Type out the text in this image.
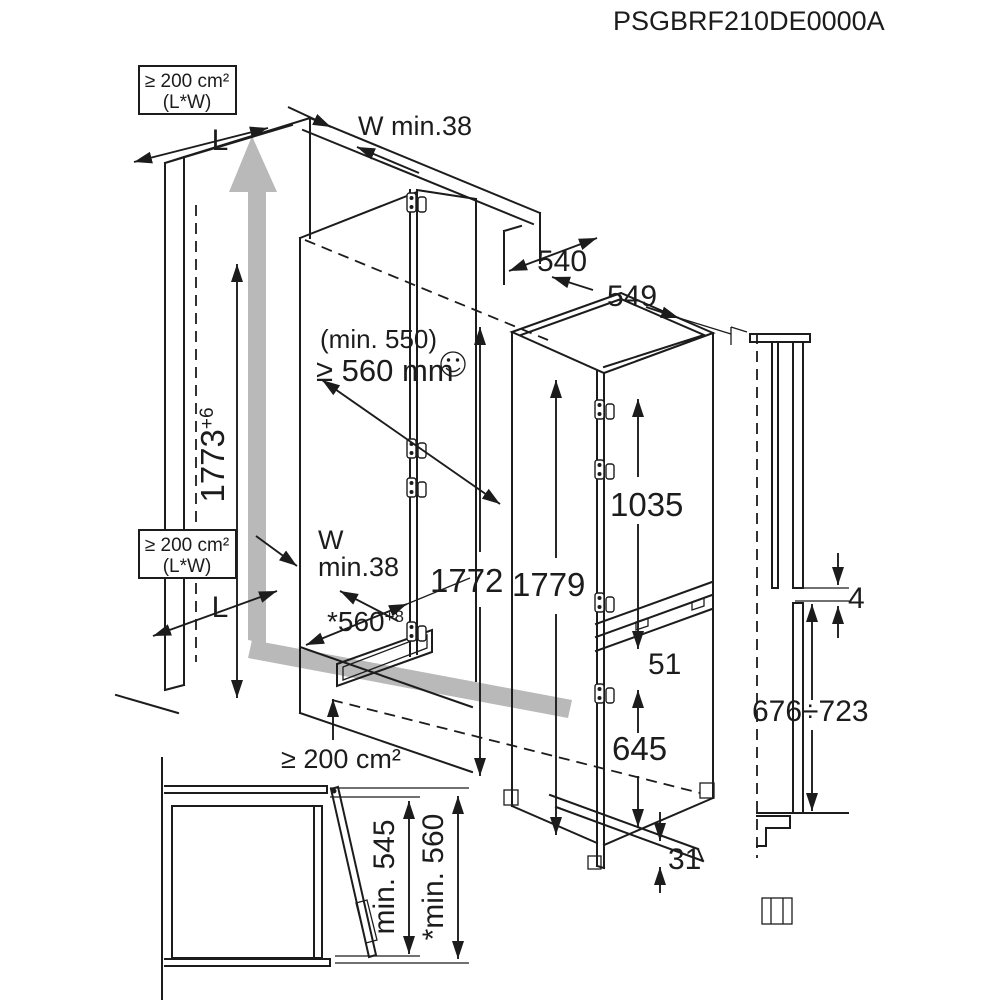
PSGBRF210DE0000A
≥ 200 cm²
(L*W)
≥ 200 cm²
(L*W)
L	W min.38
(min. 550)
≥ 560 mm
$1773^{+6}$
1772
W
min.38
L	$*560^{+8}$
≥ 200 cm²
540
549
1779
1035
51
645
31
4
676÷723
min. 545 *min. 560
